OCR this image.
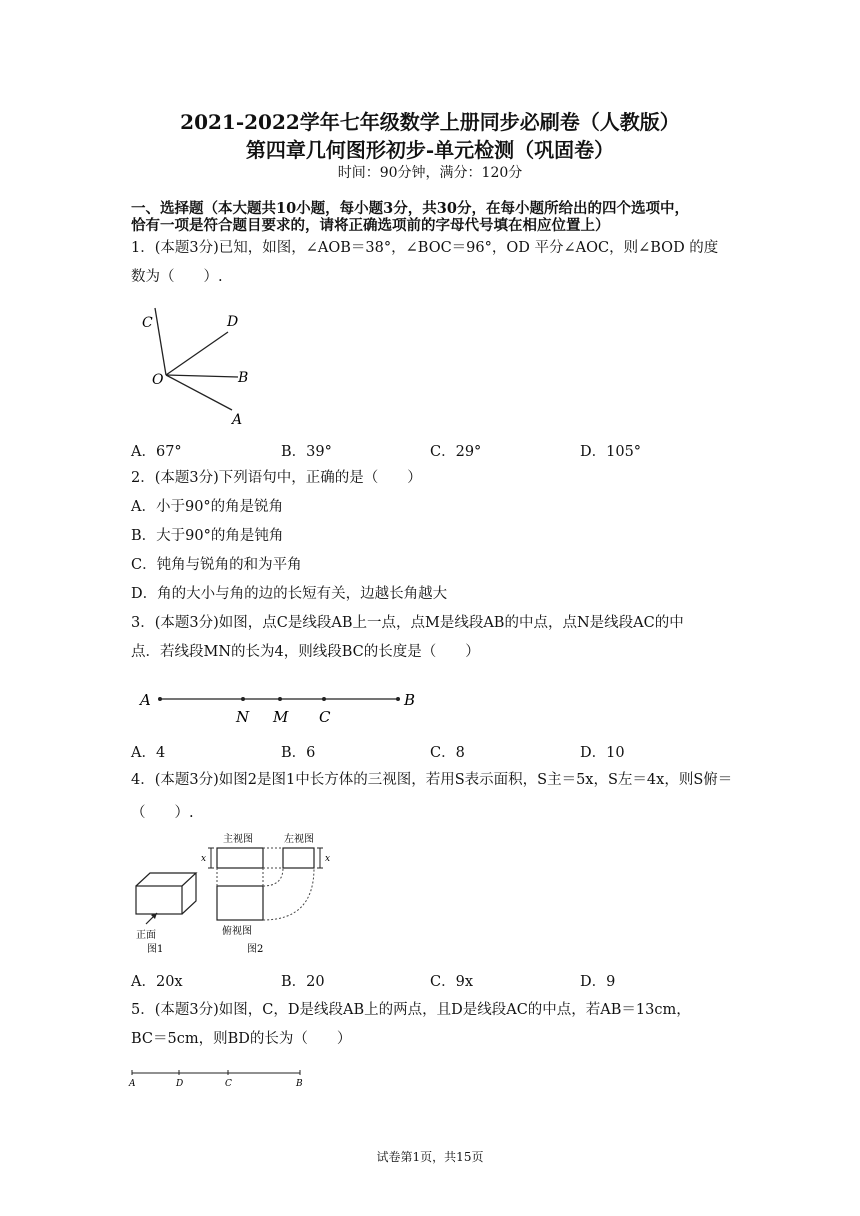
2021-2022学年七年级数学上册同步必刷卷（人教版）
第四章几何图形初步-单元检测（巩固卷）
时间：90分钟，满分：120分
一、选择题（本大题共10小题，每小题3分，共30分，在每小题所给出的四个选项中，
恰有一项是符合题目要求的，请将正确选项前的字母代号填在相应位置上）
1．(本题3分)已知，如图，∠AOB＝38°，∠BOC＝96°，OD 平分∠AOC，则∠BOD 的度
数为（　　）.
C	D
O	B
A
A．67°	B．39°	C．29°	D．105°
2．(本题3分)下列语句中，正确的是（　　）
A．小于90°的角是锐角
B．大于90°的角是钝角
C．钝角与锐角的和为平角
D．角的大小与角的边的长短有关，边越长角越大
3．(本题3分)如图，点C是线段AB上一点，点M是线段AB的中点，点N是线段AC的中
点．若线段MN的长为4，则线段BC的长度是（　　）
A
N M C
B
A．4	B．6	C．8	D．10
4．(本题3分)如图2是图1中长方体的三视图，若用S表示面积，S主＝5x，S左＝4x，则S俯＝
（　　）.
正面
图1
主视图	左视图
x	x
俯视图
图2
A．20x	B．20	C．9x	D．9
5．(本题3分)如图，C，D是线段AB上的两点，且D是线段AC的中点，若AB＝13cm，
BC＝5cm，则BD的长为（　　）
A	D	C	B
试卷第1页，共15页
